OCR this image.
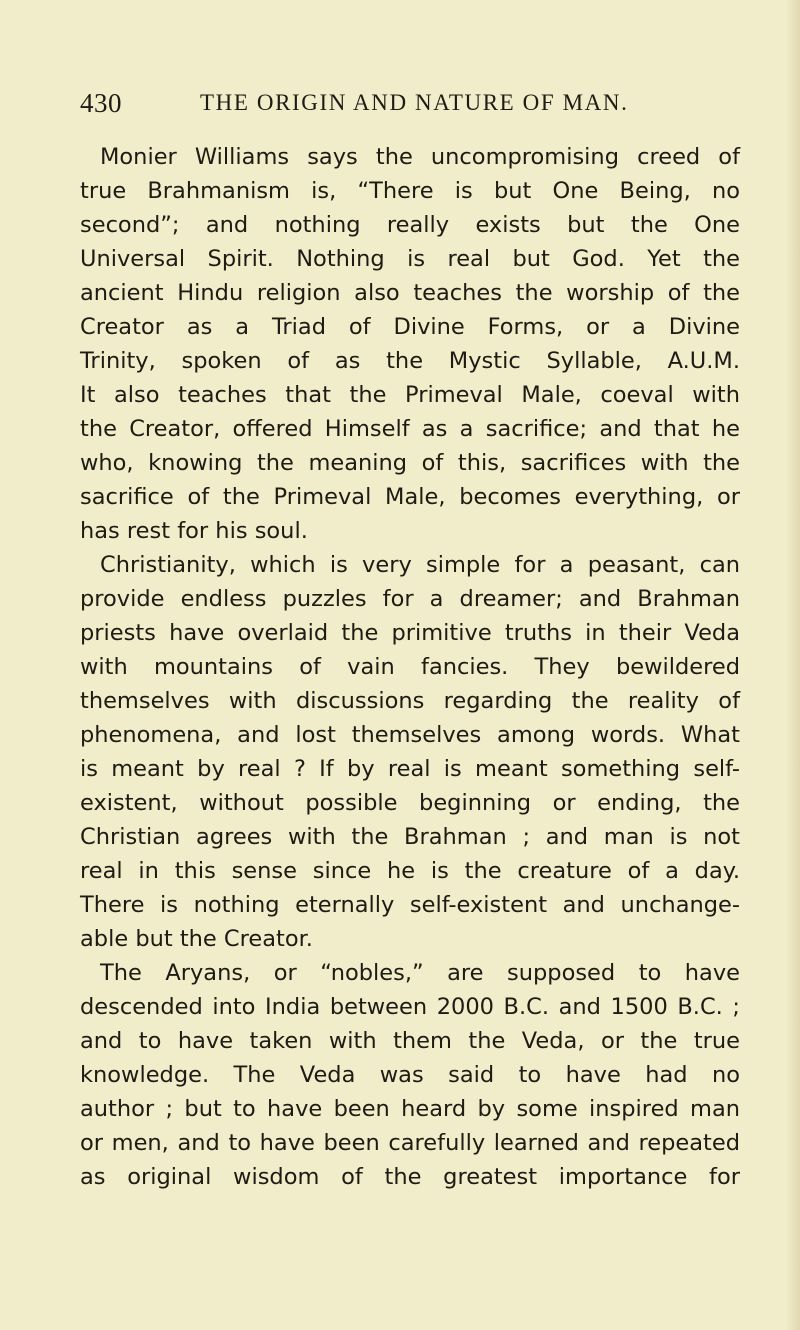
430	THE ORIGIN AND NATURE OF MAN.
Monier Williams says the uncompromising creed of
true Brahmanism is, “There is but One Being, no
second”; and nothing really exists but the One
Universal Spirit. Nothing is real but God. Yet the
ancient Hindu religion also teaches the worship of the
Creator as a Triad of Divine Forms, or a Divine
Trinity, spoken of as the Mystic Syllable, A.U.M.
It also teaches that the Primeval Male, coeval with
the Creator, offered Himself as a sacrifice; and that he
who, knowing the meaning of this, sacrifices with the
sacrifice of the Primeval Male, becomes everything, or
has rest for his soul.
Christianity, which is very simple for a peasant, can
provide endless puzzles for a dreamer; and Brahman
priests have overlaid the primitive truths in their Veda
with mountains of vain fancies. They bewildered
themselves with discussions regarding the reality of
phenomena, and lost themselves among words. What
is meant by real ? If by real is meant something self-
existent, without possible beginning or ending, the
Christian agrees with the Brahman ; and man is not
real in this sense since he is the creature of a day.
There is nothing eternally self-existent and unchange-
able but the Creator.
The Aryans, or “nobles,” are supposed to have
descended into India between 2000 B.C. and 1500 B.C. ;
and to have taken with them the Veda, or the true
knowledge. The Veda was said to have had no
author ; but to have been heard by some inspired man
or men, and to have been carefully learned and repeated
as original wisdom of the greatest importance for
